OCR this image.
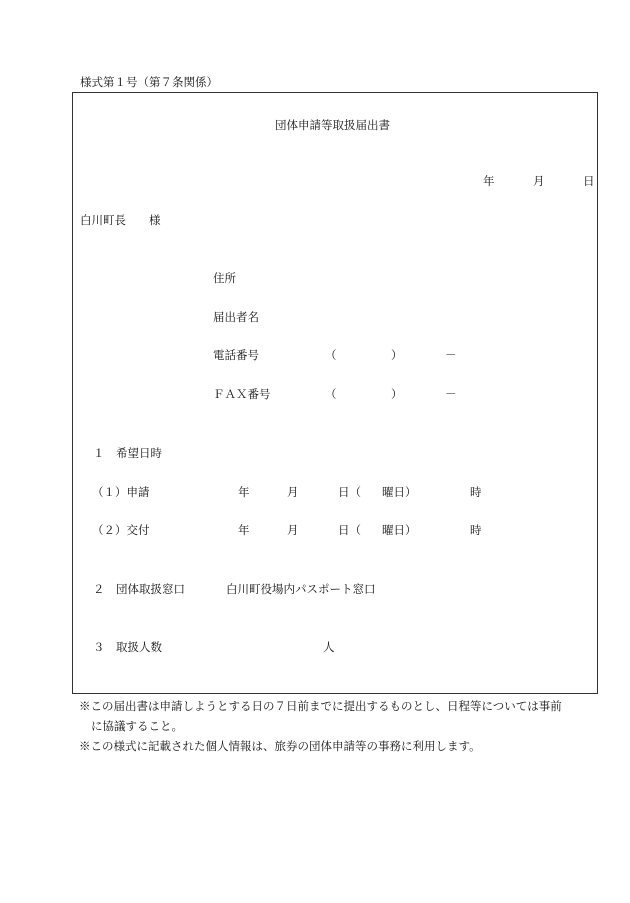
様式第１号（第７条関係）
団体申請等取扱届出書
年	月	日
白川町長　　様
住所
届出者名
電話番号	（	）	－
ＦＡＸ番号	（	）	－
１　希望日時
（１）申請	年	月	日（ 曜日）	時
（２）交付	年	月	日（ 曜日）	時
２　団体取扱窓口	白川町役場内パスポート窓口
３　取扱人数	人
※この届出書は申請しようとする日の７日前までに提出するものとし、日程等については事前
に協議すること。
※この様式に記載された個人情報は、旅券の団体申請等の事務に利用します。
